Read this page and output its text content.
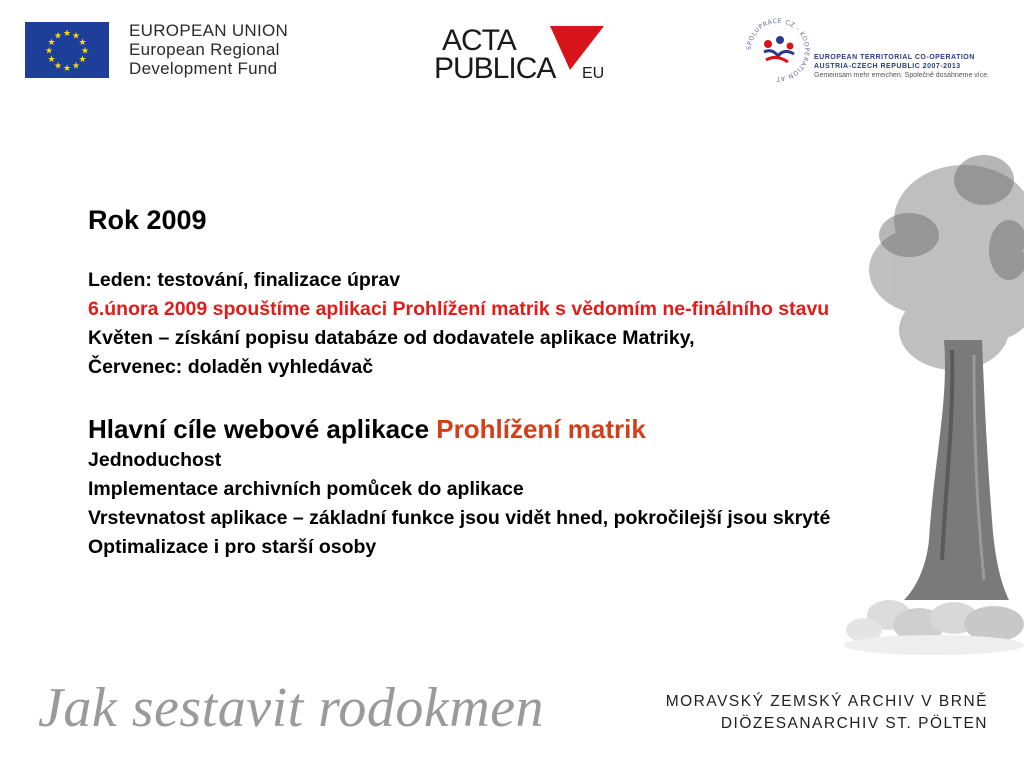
★ ★
★
★
★
★
★
★
★
★
★
★	EUROPEAN UNION
European Regional
Development Fund
ACTA
PUBLICA EU
SPOLUPRÁCE CZ - KOOPERATION AT
EUROPEAN TERRITORIAL CO-OPERATION
AUSTRIA-CZECH REPUBLIC 2007-2013
Gemeinsam mehr erreichen. Společně dosáhneme více.
Rok 2009

Leden: testování, finalizace úprav

6.února 2009 spouštíme aplikaci Prohlížení matrik s vědomím ne-finálního stavu

Květen – získání popisu databáze od dodavatele aplikace Matriky,

Červenec: doladěn vyhledávač

Hlavní cíle webové aplikace Prohlížení matrik

Jednoduchost

Implementace archivních pomůcek do aplikace

Vrstevnatost aplikace – základní funkce jsou vidět hned, pokročilejší jsou skryté

Optimalizace i pro starší osoby

Jak sestavit rodokmen	MORAVSKÝ ZEMSKÝ ARCHIV V BRNĚ
DIÖZESANARCHIV ST. PÖLTEN
